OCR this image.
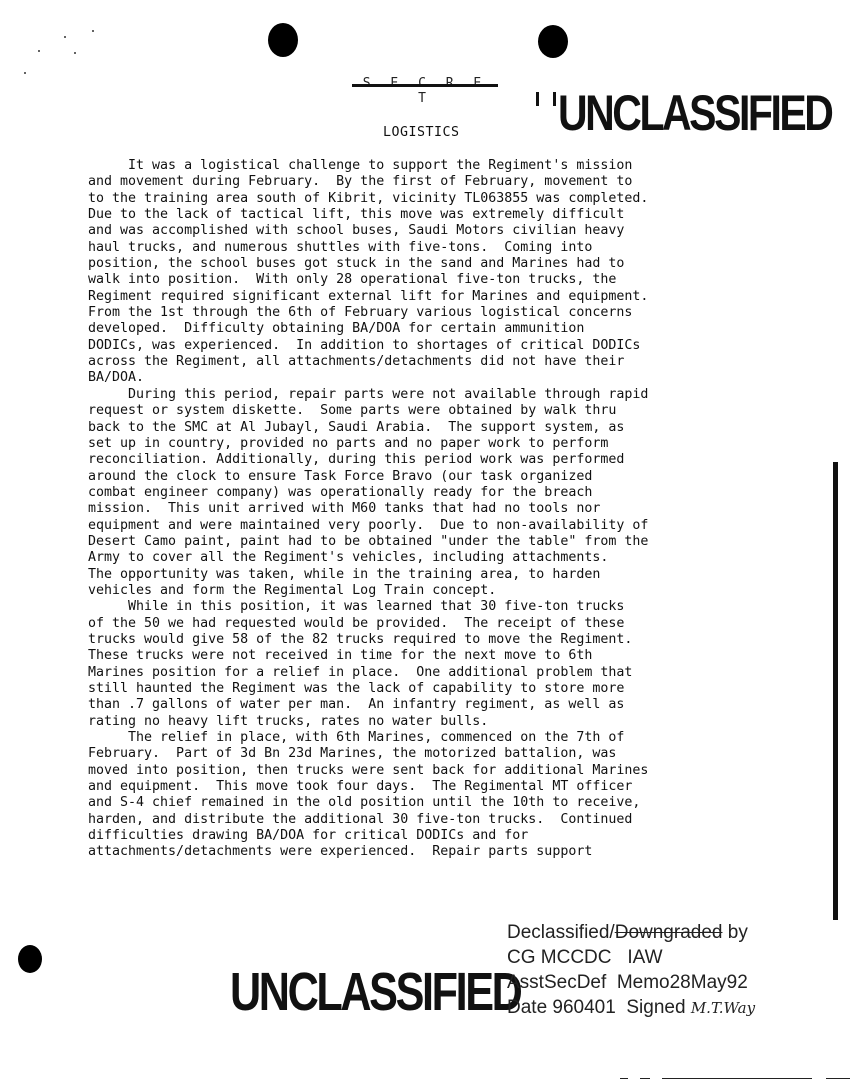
T	UNCLASSIFIED
LOGISTICS
It was a logistical challenge to support the Regiment's mission
and movement during February.  By the first of February, movement to
to the training area south of Kibrit, vicinity TL063855 was completed.
Due to the lack of tactical lift, this move was extremely difficult
and was accomplished with school buses, Saudi Motors civilian heavy
haul trucks, and numerous shuttles with five-tons.  Coming into
position, the school buses got stuck in the sand and Marines had to
walk into position.  With only 28 operational five-ton trucks, the
Regiment required significant external lift for Marines and equipment.
From the 1st through the 6th of February various logistical concerns
developed.  Difficulty obtaining BA/DOA for certain ammunition
DODICs, was experienced.  In addition to shortages of critical DODICs
across the Regiment, all attachments/detachments did not have their
BA/DOA.
During this period, repair parts were not available through rapid
request or system diskette.  Some parts were obtained by walk thru
back to the SMC at Al Jubayl, Saudi Arabia.  The support system, as
set up in country, provided no parts and no paper work to perform
reconciliation. Additionally, during this period work was performed
around the clock to ensure Task Force Bravo (our task organized
combat engineer company) was operationally ready for the breach
mission.  This unit arrived with M60 tanks that had no tools nor
equipment and were maintained very poorly.  Due to non-availability of
Desert Camo paint, paint had to be obtained "under the table" from the
Army to cover all the Regiment's vehicles, including attachments.
The opportunity was taken, while in the training area, to harden
vehicles and form the Regimental Log Train concept.
While in this position, it was learned that 30 five-ton trucks
of the 50 we had requested would be provided.  The receipt of these
trucks would give 58 of the 82 trucks required to move the Regiment.
These trucks were not received in time for the next move to 6th
Marines position for a relief in place.  One additional problem that
still haunted the Regiment was the lack of capability to store more
than .7 gallons of water per man.  An infantry regiment, as well as
rating no heavy lift trucks, rates no water bulls.
The relief in place, with 6th Marines, commenced on the 7th of
February.  Part of 3d Bn 23d Marines, the motorized battalion, was
moved into position, then trucks were sent back for additional Marines
and equipment.  This move took four days.  The Regimental MT officer
and S-4 chief remained in the old position until the 10th to receive,
harden, and distribute the additional 30 five-ton trucks.  Continued
difficulties drawing BA/DOA for critical DODICs and for
attachments/detachments were experienced.  Repair parts support
UNCLASSIFIED
Declassified/Downgraded by
CG MCCDC   IAW
AsstSecDef  Memo28May92
Date 960401  Signed M.T.Way
